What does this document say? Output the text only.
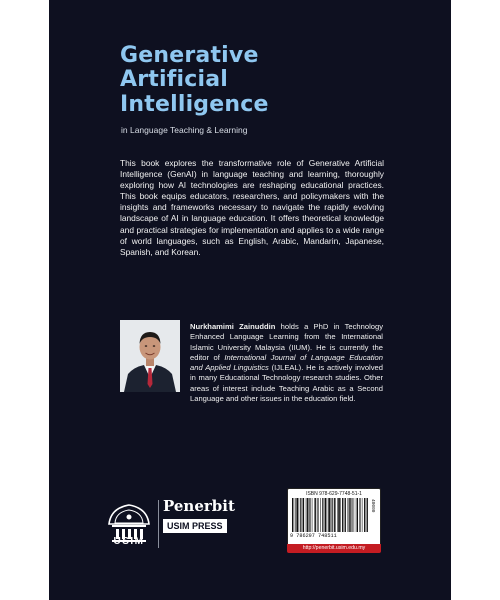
Generative
Artificial
Intelligence
in Language Teaching & Learning

This book explores the transformative role of Generative Artificial Intelligence (GenAI) in language teaching and learning, thoroughly exploring how AI technologies are reshaping educational practices. This book equips educators, researchers, and policymakers with the insights and frameworks necessary to navigate the rapidly evolving landscape of AI in language education. It offers theoretical knowledge and practical strategies for implementation and applies to a wide range of world languages, such as English, Arabic, Mandarin, Japanese, Spanish, and Korean.

Nurkhamimi Zainuddin holds a PhD in Technology Enhanced Language Learning from the International Islamic University Malaysia (IIUM). He is currently the editor of International Journal of Language Education and Applied Linguistics (IJLEAL). He is actively involved in many Educational Technology research studies. Other areas of interest include Teaching Arabic as a Second Language and other issues in the education field.

USIM
Penerbit
USIM PRESS
ISBN 978-629-7748-51-1
9 786297 748511
40000
http://penerbit.usim.edu.my
